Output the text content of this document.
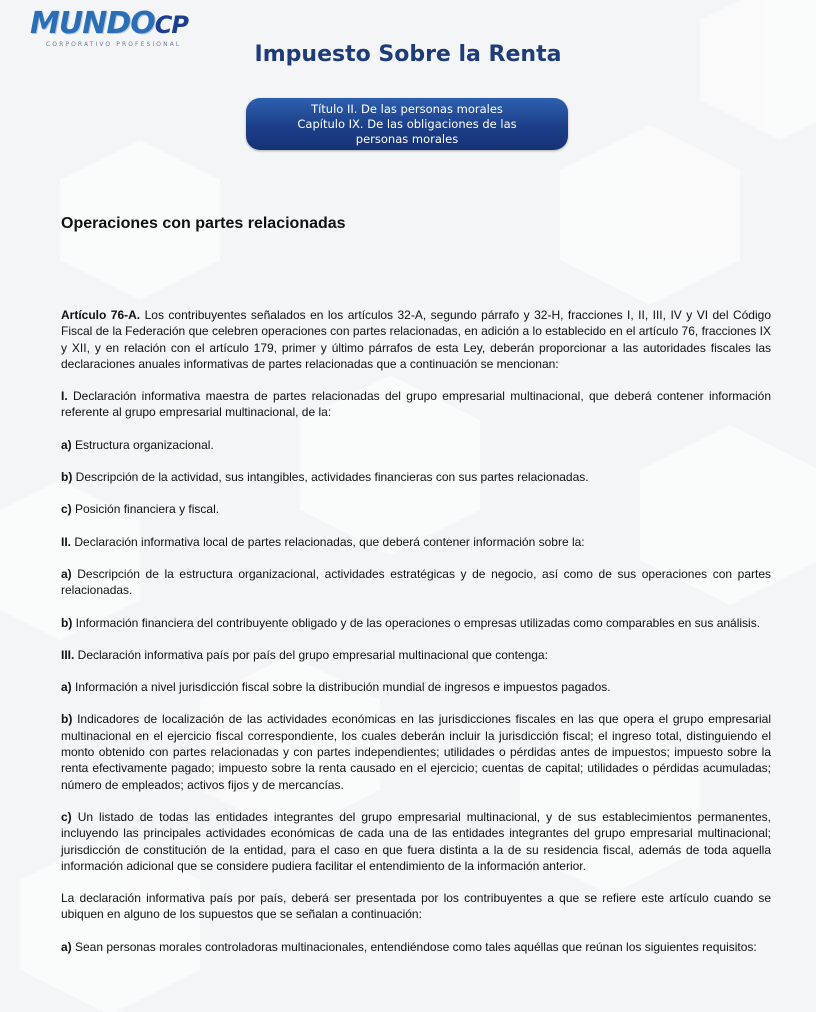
MUNDOCP
CORPORATIVO PROFESIONAL	Impuesto Sobre la Renta
Título II. De las personas morales
Capítulo IX. De las obligaciones de las
personas morales
Operaciones con partes relacionadas

Artículo 76-A. Los contribuyentes señalados en los artículos 32-A, segundo párrafo y 32-H, fracciones I, II, III, IV y VI del Código Fiscal de la Federación que celebren operaciones con partes relacionadas, en adición a lo establecido en el artículo 76, fracciones IX y XII, y en relación con el artículo 179, primer y último párrafos de esta Ley, deberán proporcionar a las autoridades fiscales las declaraciones anuales informativas de partes relacionadas que a continuación se mencionan:

I. Declaración informativa maestra de partes relacionadas del grupo empresarial multinacional, que deberá contener información referente al grupo empresarial multinacional, de la:

a) Estructura organizacional.

b) Descripción de la actividad, sus intangibles, actividades financieras con sus partes relacionadas.

c) Posición financiera y fiscal.

II. Declaración informativa local de partes relacionadas, que deberá contener información sobre la:

a) Descripción de la estructura organizacional, actividades estratégicas y de negocio, así como de sus operaciones con partes relacionadas.

b) Información financiera del contribuyente obligado y de las operaciones o empresas utilizadas como comparables en sus análisis.

III. Declaración informativa país por país del grupo empresarial multinacional que contenga:

a) Información a nivel jurisdicción fiscal sobre la distribución mundial de ingresos e impuestos pagados.

b) Indicadores de localización de las actividades económicas en las jurisdicciones fiscales en las que opera el grupo empresarial multinacional en el ejercicio fiscal correspondiente, los cuales deberán incluir la jurisdicción fiscal; el ingreso total, distinguiendo el monto obtenido con partes relacionadas y con partes independientes; utilidades o pérdidas antes de impuestos; impuesto sobre la renta efectivamente pagado; impuesto sobre la renta causado en el ejercicio; cuentas de capital; utilidades o pérdidas acumuladas; número de empleados; activos fijos y de mercancías.

c) Un listado de todas las entidades integrantes del grupo empresarial multinacional, y de sus establecimientos permanentes, incluyendo las principales actividades económicas de cada una de las entidades integrantes del grupo empresarial multinacional; jurisdicción de constitución de la entidad, para el caso en que fuera distinta a la de su residencia fiscal, además de toda aquella información adicional que se considere pudiera facilitar el entendimiento de la información anterior.

La declaración informativa país por país, deberá ser presentada por los contribuyentes a que se refiere este artículo cuando se ubiquen en alguno de los supuestos que se señalan a continuación:

a) Sean personas morales controladoras multinacionales, entendiéndose como tales aquéllas que reúnan los siguientes requisitos:
